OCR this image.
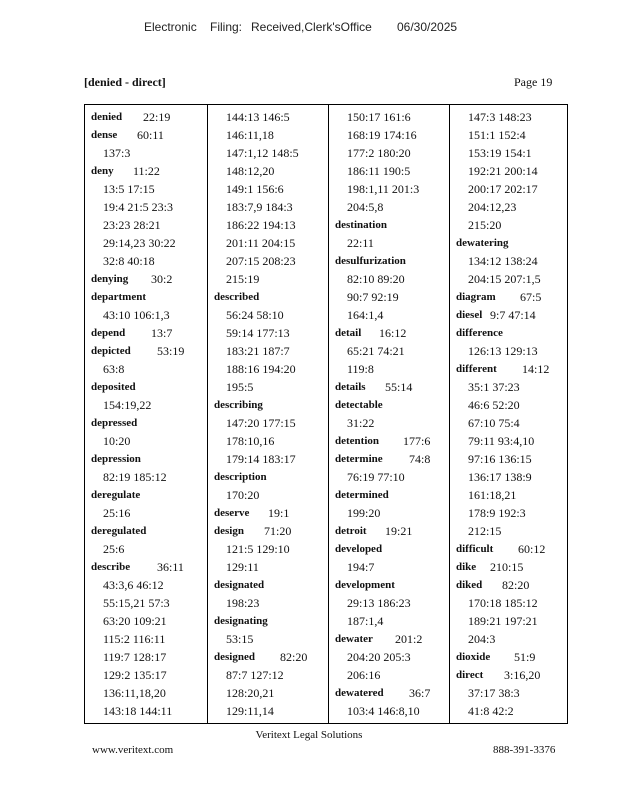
Electronic Filing: Received,Clerk'sOffice 06/30/2025
[denied - direct]	Page 19
denied 22:19
dense 60:11
137:3
deny 11:22
13:5 17:15
19:4 21:5 23:3
23:23 28:21
29:14,23 30:22
32:8 40:18
denying 30:2
department
43:10 106:1,3
depend 13:7
depicted 53:19
63:8
deposited
154:19,22
depressed
10:20
depression
82:19 185:12
deregulate
25:16
deregulated
25:6
describe 36:11
43:3,6 46:12
55:15,21 57:3
63:20 109:21
115:2 116:11
119:7 128:17
129:2 135:17
136:11,18,20
143:18 144:11
144:13 146:5
146:11,18
147:1,12 148:5
148:12,20
149:1 156:6
183:7,9 184:3
186:22 194:13
201:11 204:15
207:15 208:23
215:19
described
56:24 58:10
59:14 177:13
183:21 187:7
188:16 194:20
195:5
describing
147:20 177:15
178:10,16
179:14 183:17
description
170:20
deserve 19:1
design 71:20
121:5 129:10
129:11
designated
198:23
designating
53:15
designed 82:20
87:7 127:12
128:20,21
129:11,14
150:17 161:6
168:19 174:16
177:2 180:20
186:11 190:5
198:1,11 201:3
204:5,8
destination
22:11
desulfurization
82:10 89:20
90:7 92:19
164:1,4
detail 16:12
65:21 74:21
119:8
details 55:14
detectable
31:22
detention 177:6
determine 74:8
76:19 77:10
determined
199:20
detroit 19:21
developed
194:7
development
29:13 186:23
187:1,4
dewater 201:2
204:20 205:3
206:16
dewatered 36:7
103:4 146:8,10
147:3 148:23
151:1 152:4
153:19 154:1
192:21 200:14
200:17 202:17
204:12,23
215:20
dewatering
134:12 138:24
204:15 207:1,5
diagram 67:5
diesel 9:7 47:14
difference
126:13 129:13
different 14:12
35:1 37:23
46:6 52:20
67:10 75:4
79:11 93:4,10
97:16 136:15
136:17 138:9
161:18,21
178:9 192:3
212:15
difficult 60:12
dike 210:15
diked 82:20
170:18 185:12
189:21 197:21
204:3
dioxide 51:9
direct 3:16,20
37:17 38:3
41:8 42:2
Veritext Legal Solutions
www.veritext.com	888-391-3376
